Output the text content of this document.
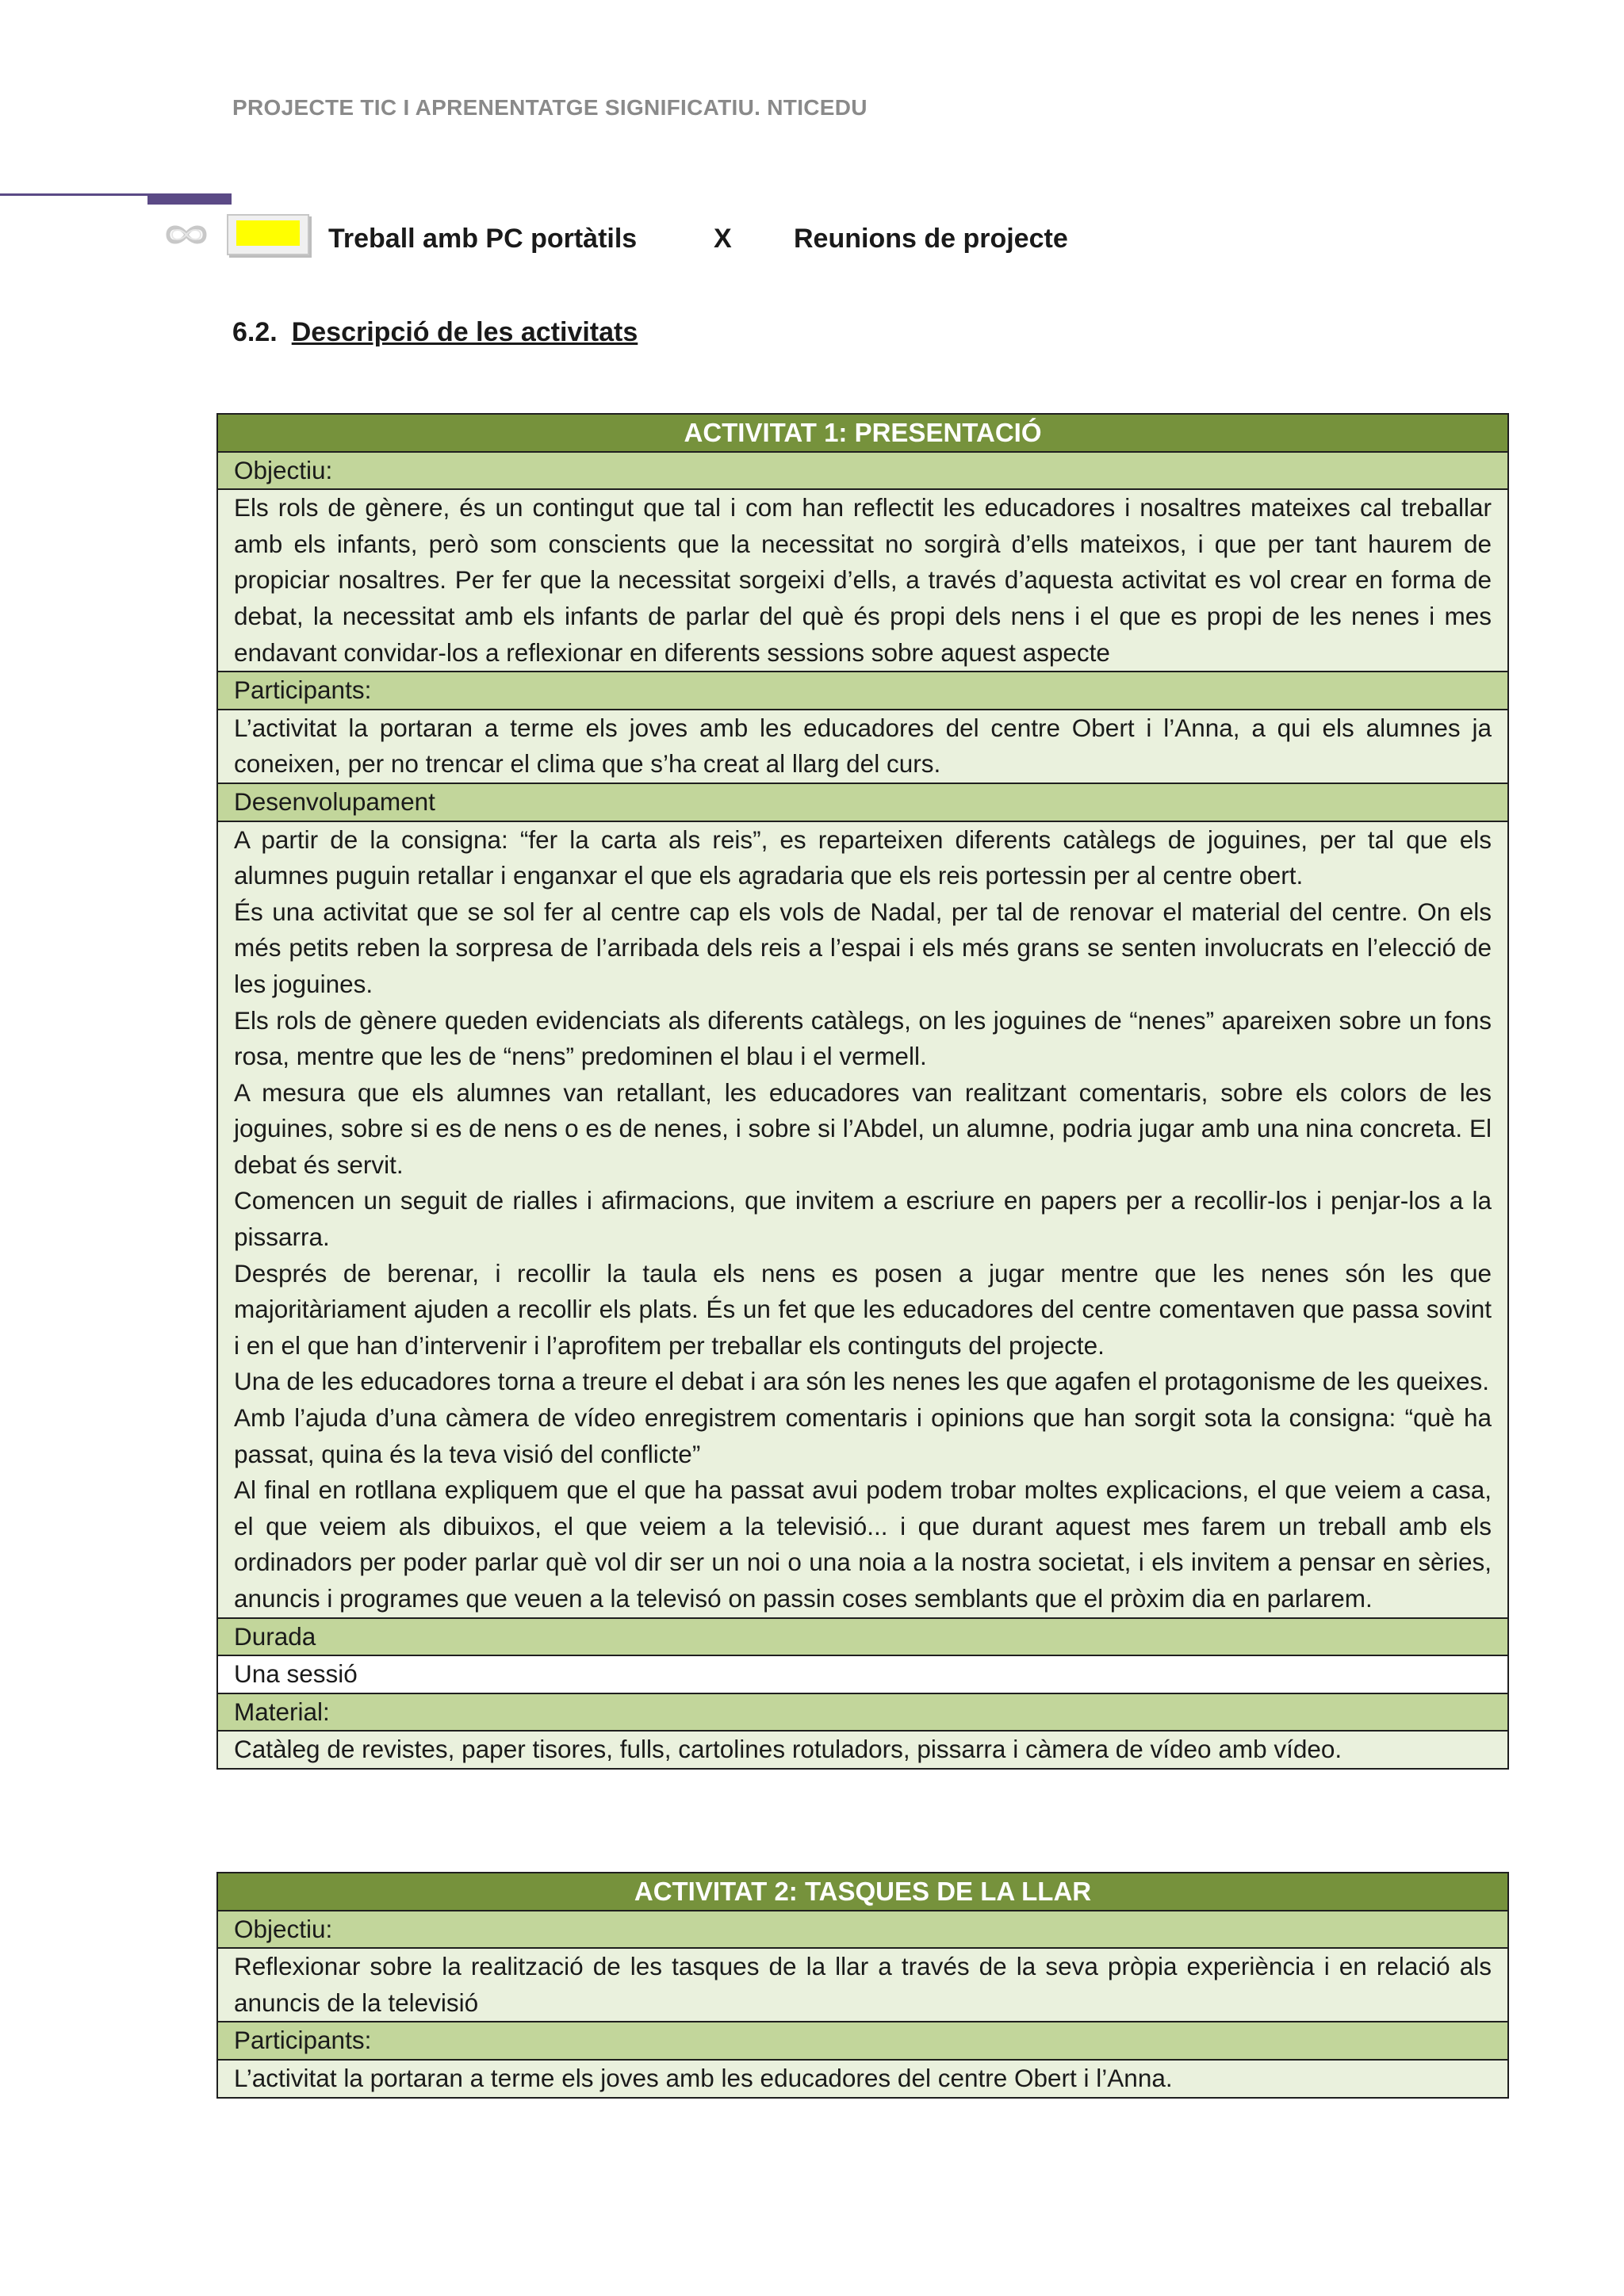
PROJECTE TIC I APRENENTATGE SIGNIFICATIU. NTICEDU
Treball amb PC portàtils	X Reunions de projecte
6.2. Descripció de les activitats
ACTIVITAT 1: PRESENTACIÓ
Objectiu:
Els rols de gènere, és un contingut que tal i com han reflectit les educadores i nosaltres mateixes cal treballar amb els infants, però som conscients que la necessitat no sorgirà d’ells mateixos, i que per tant haurem de propiciar nosaltres. Per fer que la necessitat sorgeixi d’ells, a través d’aquesta activitat es vol crear en forma de debat, la necessitat amb els infants de parlar del què és propi dels nens i el que es propi de les nenes i mes endavant convidar-los a reflexionar en diferents sessions sobre aquest aspecte
Participants:
L’activitat la portaran a terme els joves amb les educadores del centre Obert i l’Anna, a qui els alumnes ja coneixen, per no trencar el clima que s’ha creat al llarg del curs.
Desenvolupament

A partir de la consigna: “fer la carta als reis”, es reparteixen diferents catàlegs de joguines, per tal que els alumnes puguin retallar i enganxar el que els agradaria que els reis portessin per al centre obert.

És una activitat que se sol fer al centre cap els vols de Nadal, per tal de renovar el material del centre. On els més petits reben la sorpresa de l’arribada dels reis a l’espai i els més grans se senten involucrats en l’elecció de les joguines.

Els rols de gènere queden evidenciats als diferents catàlegs, on les joguines de “nenes” apareixen sobre un fons rosa, mentre que les de “nens” predominen el blau i el vermell.

A mesura que els alumnes van retallant, les educadores van realitzant comentaris, sobre els colors de les joguines, sobre si es de nens o es de nenes, i sobre si l’Abdel, un alumne, podria jugar amb una nina concreta. El debat és servit.

Comencen un seguit de rialles i afirmacions, que invitem a escriure en papers per a recollir-los i penjar-los a la pissarra.

Després de berenar, i recollir la taula els nens es posen a jugar mentre que les nenes són les que majoritàriament ajuden a recollir els plats. És un fet que les educadores del centre comentaven que passa sovint i en el que han d’intervenir i l’aprofitem per treballar els continguts del projecte.

Una de les educadores torna a treure el debat i ara són les nenes les que agafen el protagonisme de les queixes.

Amb l’ajuda d’una càmera de vídeo enregistrem comentaris i opinions que han sorgit sota la consigna: “què ha passat, quina és la teva visió del conflicte”

Al final en rotllana expliquem que el que ha passat avui podem trobar moltes explicacions, el que veiem a casa, el que veiem als dibuixos, el que veiem a la televisió... i que durant aquest mes farem un treball amb els ordinadors per poder parlar què vol dir ser un noi o una noia a la nostra societat, i els invitem a pensar en sèries, anuncis i programes que veuen a la televisó on passin coses semblants que el pròxim dia en parlarem.

Durada
Una sessió
Material:
Catàleg de revistes, paper tisores, fulls, cartolines rotuladors, pissarra i càmera de vídeo amb vídeo.
ACTIVITAT 2: TASQUES DE LA LLAR
Objectiu:
Reflexionar sobre la realització de les tasques de la llar a través de la seva pròpia experiència i en relació als anuncis de la televisió
Participants:
L’activitat la portaran a terme els joves amb les educadores del centre Obert i l’Anna.
